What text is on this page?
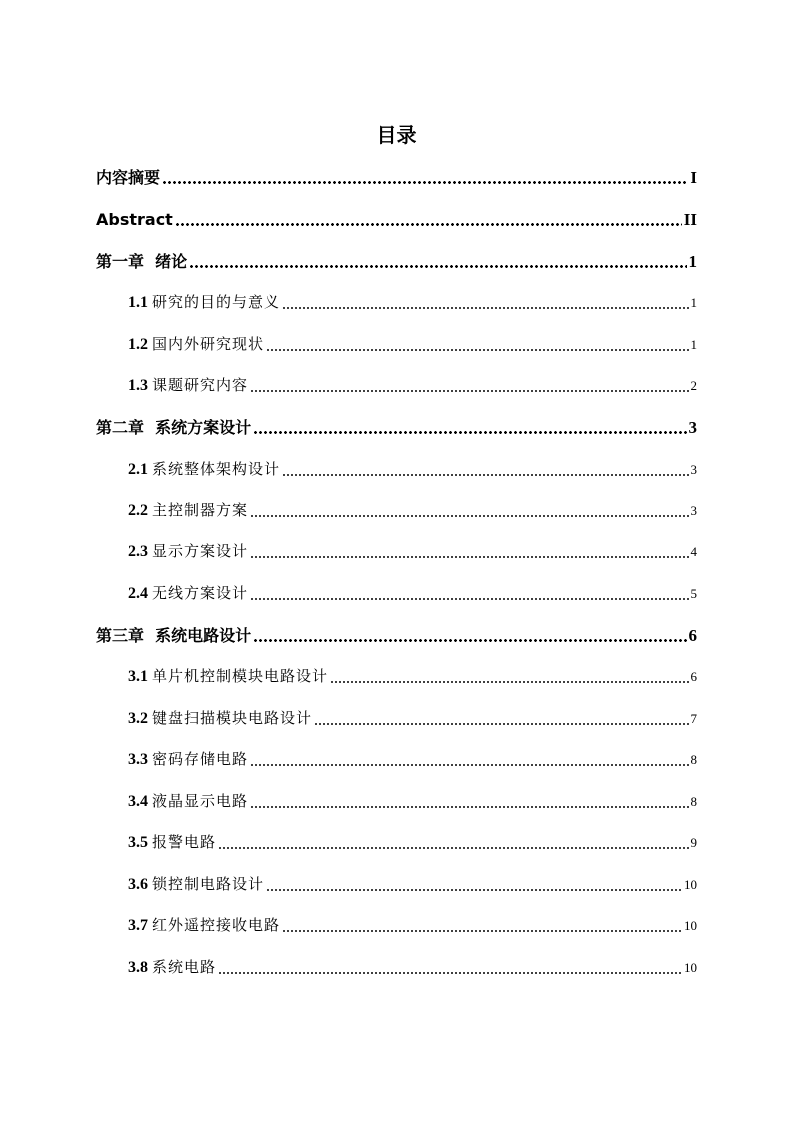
目录
内容摘要	I
Abstract	II
第一章  绪论	1
1.1 研究的目的与意义	1
1.2 国内外研究现状	1
1.3 课题研究内容	2
第二章  系统方案设计	3
2.1 系统整体架构设计	3
2.2 主控制器方案	3
2.3 显示方案设计	4
2.4 无线方案设计	5
第三章  系统电路设计	6
3.1 单片机控制模块电路设计	6
3.2 键盘扫描模块电路设计	7
3.3 密码存储电路	8
3.4 液晶显示电路	8
3.5 报警电路	9
3.6 锁控制电路设计	10
3.7 红外遥控接收电路	10
3.8 系统电路	10
